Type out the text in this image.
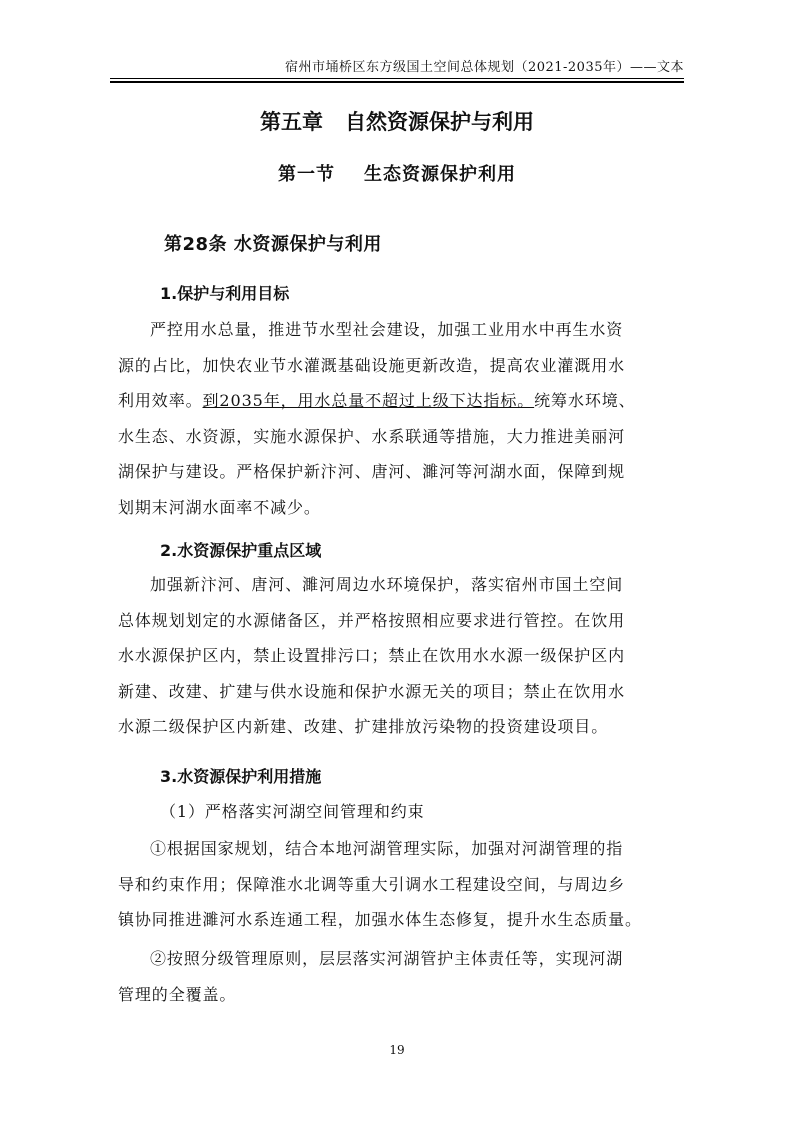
宿州市埇桥区东方级国土空间总体规划（2021-2035年）——文本
第五章   自然资源保护与利用
第一节    生态资源保护利用
第28条 水资源保护与利用
1.保护与利用目标
严控用水总量，推进节水型社会建设，加强工业用水中再生水资
源的占比，加快农业节水灌溉基础设施更新改造，提高农业灌溉用水
利用效率。到2035年，用水总量不超过上级下达指标。统筹水环境、
水生态、水资源，实施水源保护、水系联通等措施，大力推进美丽河
湖保护与建设。严格保护新汴河、唐河、濉河等河湖水面，保障到规
划期末河湖水面率不减少。
2.水资源保护重点区域
加强新汴河、唐河、濉河周边水环境保护，落实宿州市国土空间
总体规划划定的水源储备区，并严格按照相应要求进行管控。在饮用
水水源保护区内，禁止设置排污口；禁止在饮用水水源一级保护区内
新建、改建、扩建与供水设施和保护水源无关的项目；禁止在饮用水
水源二级保护区内新建、改建、扩建排放污染物的投资建设项目。
3.水资源保护利用措施
（1）严格落实河湖空间管理和约束
①根据国家规划，结合本地河湖管理实际，加强对河湖管理的指
导和约束作用；保障淮水北调等重大引调水工程建设空间，与周边乡
镇协同推进濉河水系连通工程，加强水体生态修复，提升水生态质量。
②按照分级管理原则，层层落实河湖管护主体责任等，实现河湖
管理的全覆盖。
19
